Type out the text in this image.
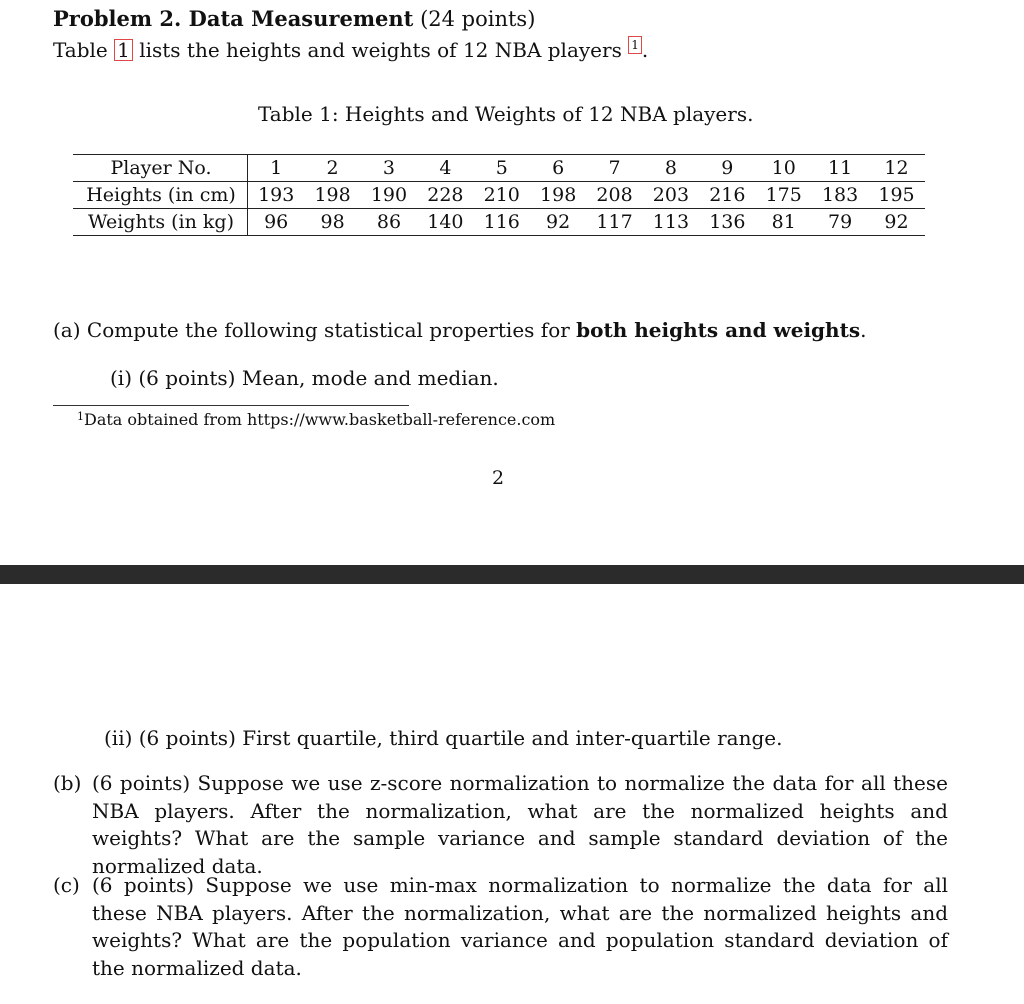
Problem 2. Data Measurement (24 points)
Table 1 lists the heights and weights of 12 NBA players 1 .
Table 1: Heights and Weights of 12 NBA players.
Player No.	1	2	3	4	5	6	7	8	9	10	11	12
Heights (in cm)	193	198	190	228	210	198	208	203	216	175	183	195
Weights (in kg)	96	98	86	140	116	92	117	113	136	81	79	92
(a) Compute the following statistical properties for both heights and weights.
(i) (6 points) Mean, mode and median.
$^1$Data obtained from https://www.basketball-reference.com
2
(ii) (6 points) First quartile, third quartile and inter-quartile range.
(b) (6 points) Suppose we use z-score normalization to normalize the data for all these NBA players. After the normalization, what are the normalized heights and weights? What are the sample variance and sample standard deviation of the normalized data.
(c) (6 points) Suppose we use min-max normalization to normalize the data for all these NBA players. After the normalization, what are the normalized heights and weights? What are the population variance and population standard deviation of the normalized data.
